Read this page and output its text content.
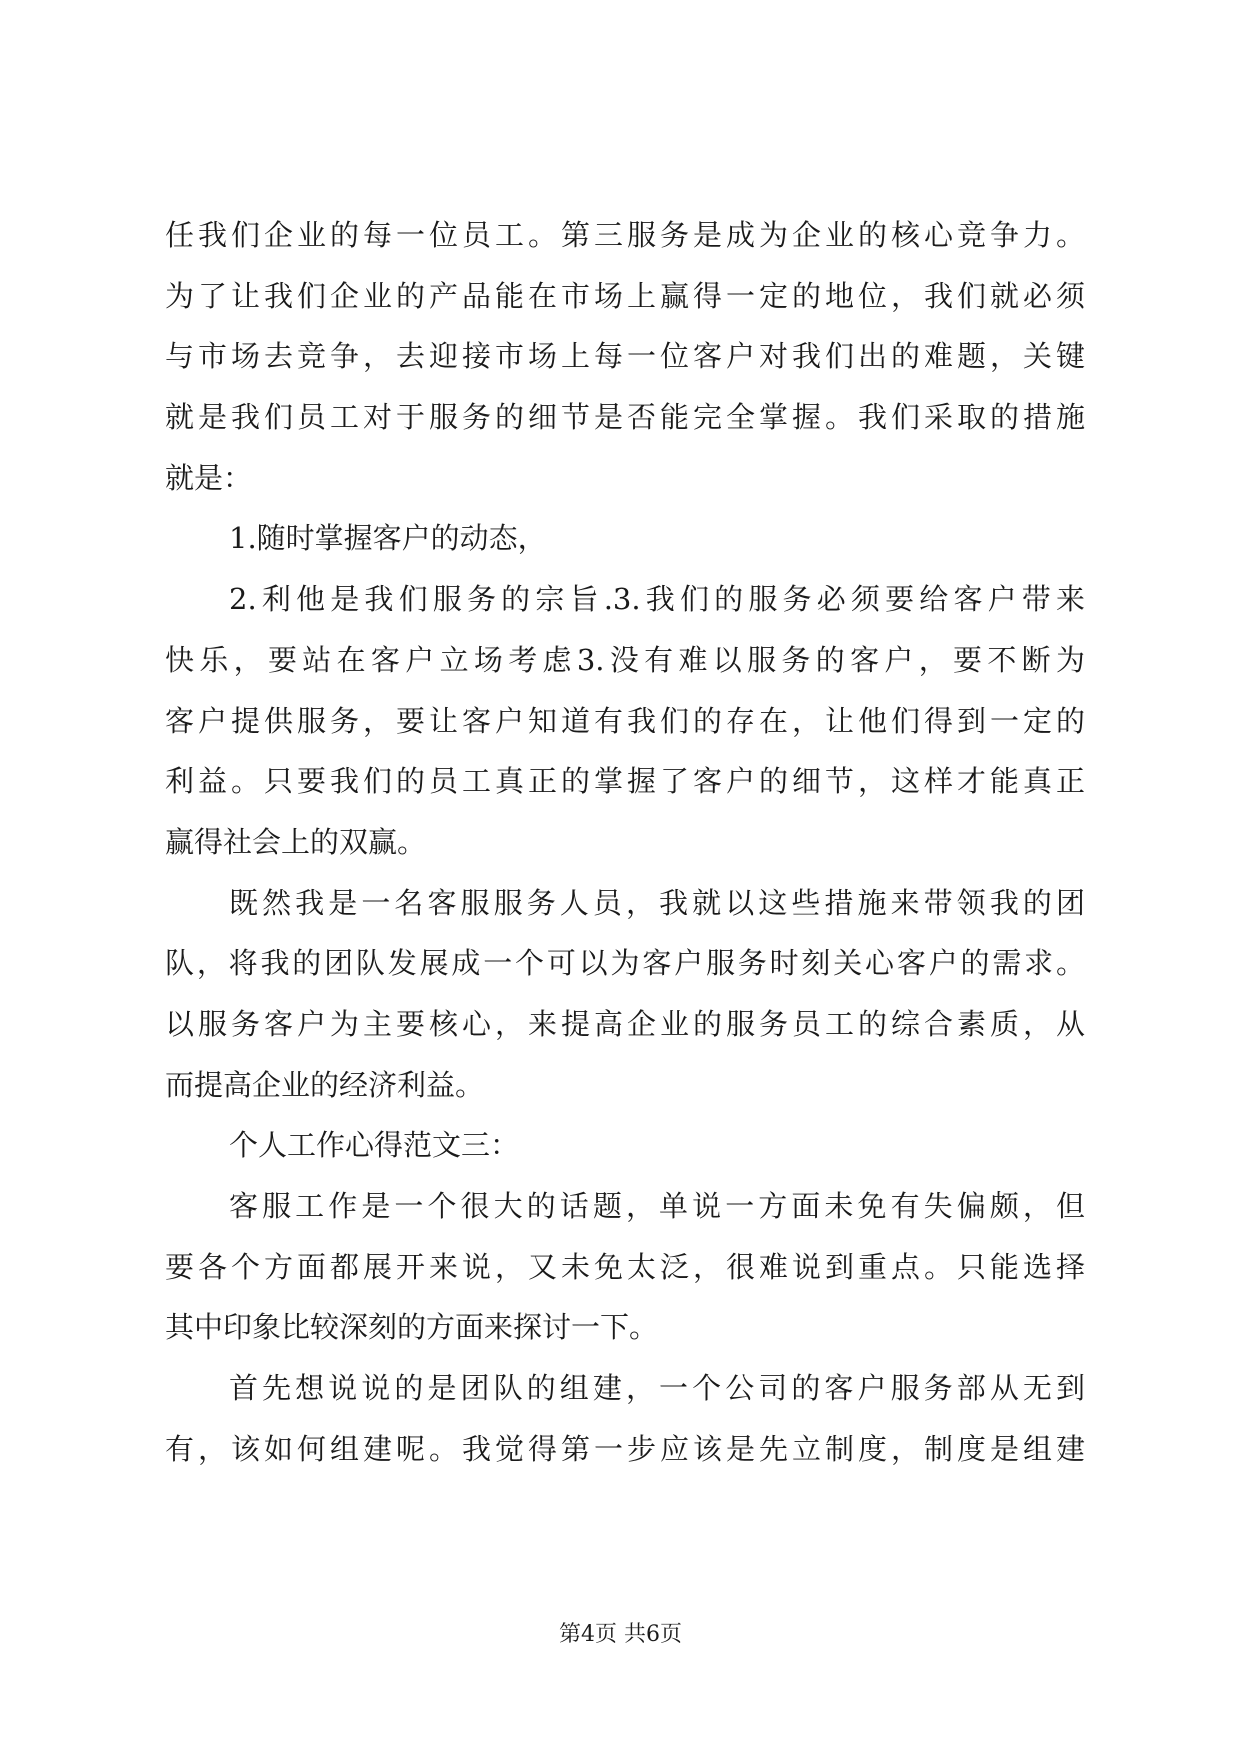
任我们企业的每一位员工。第三服务是成为企业的核心竞争力。
为了让我们企业的产品能在市场上赢得一定的地位，我们就必须
与市场去竞争，去迎接市场上每一位客户对我们出的难题，关键
就是我们员工对于服务的细节是否能完全掌握。我们采取的措施
就是：
1.随时掌握客户的动态，
2.利他是我们服务的宗旨.3.我们的服务必须要给客户带来
快乐，要站在客户立场考虑3.没有难以服务的客户，要不断为
客户提供服务，要让客户知道有我们的存在，让他们得到一定的
利益。只要我们的员工真正的掌握了客户的细节，这样才能真正
赢得社会上的双赢。
既然我是一名客服服务人员，我就以这些措施来带领我的团
队，将我的团队发展成一个可以为客户服务时刻关心客户的需求。
以服务客户为主要核心，来提高企业的服务员工的综合素质，从
而提高企业的经济利益。
个人工作心得范文三：
客服工作是一个很大的话题，单说一方面未免有失偏颇，但
要各个方面都展开来说，又未免太泛，很难说到重点。只能选择
其中印象比较深刻的方面来探讨一下。
首先想说说的是团队的组建，一个公司的客户服务部从无到
有，该如何组建呢。我觉得第一步应该是先立制度，制度是组建
第4页 共6页
